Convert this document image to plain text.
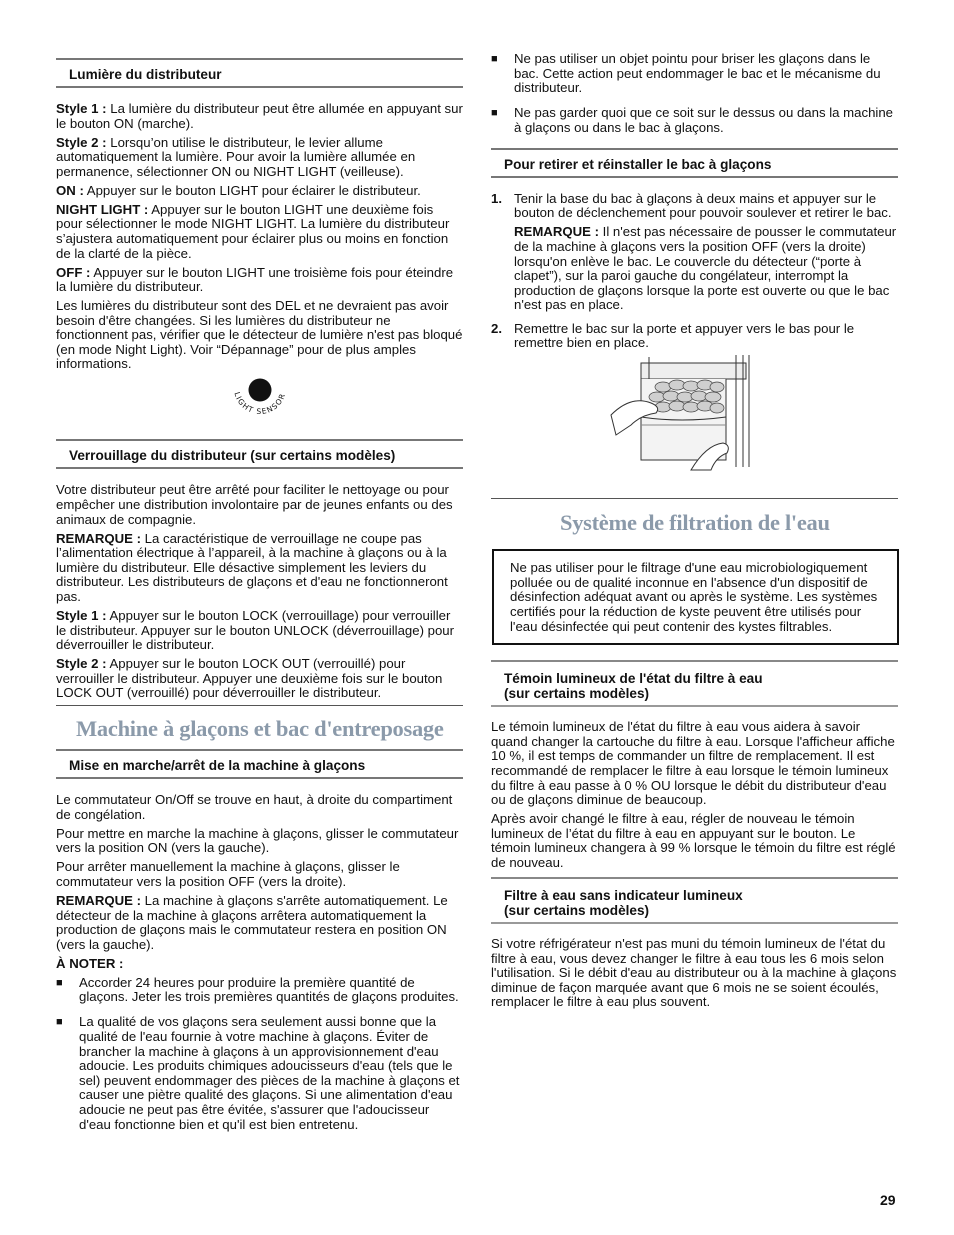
Lumière du distributeur

Style 1 : La lumière du distributeur peut être allumée en appuyant sur le bouton ON (marche).

Style 2 : Lorsqu’on utilise le distributeur, le levier allume automatiquement la lumière. Pour avoir la lumière allumée en permanence, sélectionner ON ou NIGHT LIGHT (veilleuse).

ON : Appuyer sur le bouton LIGHT pour éclairer le distributeur.

NIGHT LIGHT : Appuyer sur le bouton LIGHT une deuxième fois pour sélectionner le mode NIGHT LIGHT. La lumière du distributeur s’ajustera automatiquement pour éclairer plus ou moins en fonction de la clarté de la pièce.

OFF : Appuyer sur le bouton LIGHT une troisième fois pour éteindre la lumière du distributeur.

Les lumières du distributeur sont des DEL et ne devraient pas avoir besoin d'être changées. Si les lumières du distributeur ne fonctionnent pas, vérifier que le détecteur de lumière n'est pas bloqué (en mode Night Light). Voir “Dépannage” pour de plus amples informations.

LIGHT SENSOR
Verrouillage du distributeur (sur certains modèles)

Votre distributeur peut être arrêté pour faciliter le nettoyage ou pour empêcher une distribution involontaire par de jeunes enfants ou des animaux de compagnie.

REMARQUE : La caractéristique de verrouillage ne coupe pas l’alimentation électrique à l’appareil, à la machine à glaçons ou à la lumière du distributeur. Elle désactive simplement les leviers du distributeur. Les distributeurs de glaçons et d'eau ne fonctionneront pas.

Style 1 : Appuyer sur le bouton LOCK (verrouillage) pour verrouiller le distributeur. Appuyer sur le bouton UNLOCK (déverrouillage) pour déverrouiller le distributeur.

Style 2 : Appuyer sur le bouton LOCK OUT (verrouillé) pour verrouiller le distributeur. Appuyer une deuxième fois sur le bouton LOCK OUT (verrouillé) pour déverrouiller le distributeur.

Machine à glaçons et bac d'entreposage
Mise en marche/arrêt de la machine à glaçons

Le commutateur On/Off se trouve en haut, à droite du compartiment de congélation.

Pour mettre en marche la machine à glaçons, glisser le commutateur vers la position ON (vers la gauche).

Pour arrêter manuellement la machine à glaçons, glisser le commutateur vers la position OFF (vers la droite).

REMARQUE : La machine à glaçons s'arrête automatiquement. Le détecteur de la machine à glaçons arrêtera automatiquement la production de glaçons mais le commutateur restera en position ON (vers la gauche).

À NOTER :

■	Accorder 24 heures pour produire la première quantité de glaçons. Jeter les trois premières quantités de glaçons produites.
■	La qualité de vos glaçons sera seulement aussi bonne que la qualité de l'eau fournie à votre machine à glaçons. Éviter de brancher la machine à glaçons à un approvisionnement d'eau adoucie. Les produits chimiques adoucisseurs d'eau (tels que le sel) peuvent endommager des pièces de la machine à glaçons et causer une piètre qualité des glaçons. Si une alimentation d'eau adoucie ne peut pas être évitée, s'assurer que l'adoucisseur d'eau fonctionne bien et qu'il est bien entretenu.
■	Ne pas utiliser un objet pointu pour briser les glaçons dans le bac. Cette action peut endommager le bac et le mécanisme du distributeur.
■	Ne pas garder quoi que ce soit sur le dessus ou dans la machine à glaçons ou dans le bac à glaçons.
Pour retirer et réinstaller le bac à glaçons
1. Tenir la base du bac à glaçons à deux mains et appuyer sur le bouton de déclenchement pour pouvoir soulever et retirer le bac.

REMARQUE : Il n'est pas nécessaire de pousser le commutateur de la machine à glaçons vers la position OFF (vers la droite) lorsqu'on enlève le bac. Le couvercle du détecteur (“porte à clapet”), sur la paroi gauche du congélateur, interrompt la production de glaçons lorsque la porte est ouverte ou que le bac n'est pas en place.

2. Remettre le bac sur la porte et appuyer vers le bas pour le remettre bien en place.
Système de filtration de l'eau

Ne pas utiliser pour le filtrage d'une eau microbiologiquement polluée ou de qualité inconnue en l'absence d'un dispositif de désinfection adéquat avant ou après le système. Les systèmes certifiés pour la réduction de kyste peuvent être utilisés pour l'eau désinfectée qui peut contenir des kystes filtrables.

Témoin lumineux de l'état du filtre à eau
(sur certains modèles)

Le témoin lumineux de l'état du filtre à eau vous aidera à savoir quand changer la cartouche du filtre à eau. Lorsque l'afficheur affiche 10 %, il est temps de commander un filtre de remplacement. Il est recommandé de remplacer le filtre à eau lorsque le témoin lumineux du filtre à eau passe à 0 % OU lorsque le débit du distributeur d'eau ou de glaçons diminue de beaucoup.

Après avoir changé le filtre à eau, régler de nouveau le témoin lumineux de l’état du filtre à eau en appuyant sur le bouton. Le témoin lumineux changera à 99 % lorsque le témoin du filtre est réglé de nouveau.

Filtre à eau sans indicateur lumineux
(sur certains modèles)

Si votre réfrigérateur n'est pas muni du témoin lumineux de l'état du filtre à eau, vous devez changer le filtre à eau tous les 6 mois selon l'utilisation. Si le débit d'eau au distributeur ou à la machine à glaçons diminue de façon marquée avant que 6 mois ne se soient écoulés, remplacer le filtre à eau plus souvent.

29
